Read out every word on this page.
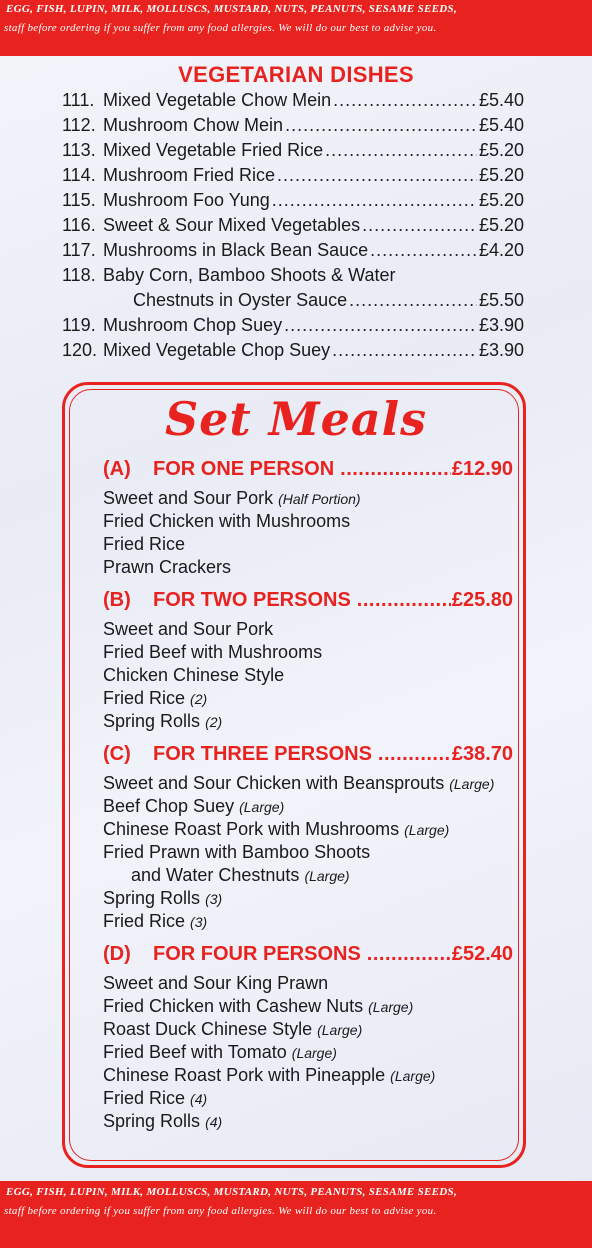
EGG, FISH, LUPIN, MILK, MOLLUSCS, MUSTARD, NUTS, PEANUTS, SESAME SEEDS,
staff before ordering if you suffer from any food allergies. We will do our best to advise you.
VEGETARIAN DISHES
111. Mixed Vegetable Chow Mein .....	£5.40
112. Mushroom Chow Mein .....	£5.40
113. Mixed Vegetable Fried Rice .....	£5.20
114. Mushroom Fried Rice .....	£5.20
115. Mushroom Foo Yung .....	£5.20
116. Sweet & Sour Mixed Vegetables .....	£5.20
117. Mushrooms in Black Bean Sauce .....	£4.20
118. Baby Corn, Bamboo Shoots & Water
Chestnuts in Oyster Sauce .....	£5.50
119. Mushroom Chop Suey .....	£3.90
120. Mixed Vegetable Chop Suey .....	£3.90
Set Meals
(A)	FOR ONE PERSON .....	£12.90
Sweet and Sour Pork (Half Portion)
Fried Chicken with Mushrooms
Fried Rice
Prawn Crackers
(B)	FOR TWO PERSONS .....	£25.80
Sweet and Sour Pork
Fried Beef with Mushrooms
Chicken Chinese Style
Fried Rice (2)
Spring Rolls (2)
(C)	FOR THREE PERSONS .....	£38.70
Sweet and Sour Chicken with Beansprouts (Large)
Beef Chop Suey (Large)
Chinese Roast Pork with Mushrooms (Large)
Fried Prawn with Bamboo Shoots
and Water Chestnuts (Large)
Spring Rolls (3)
Fried Rice (3)
(D)	FOR FOUR PERSONS .....	£52.40
Sweet and Sour King Prawn
Fried Chicken with Cashew Nuts (Large)
Roast Duck Chinese Style (Large)
Fried Beef with Tomato (Large)
Chinese Roast Pork with Pineapple (Large)
Fried Rice (4)
Spring Rolls (4)
EGG, FISH, LUPIN, MILK, MOLLUSCS, MUSTARD, NUTS, PEANUTS, SESAME SEEDS,
staff before ordering if you suffer from any food allergies. We will do our best to advise you.
